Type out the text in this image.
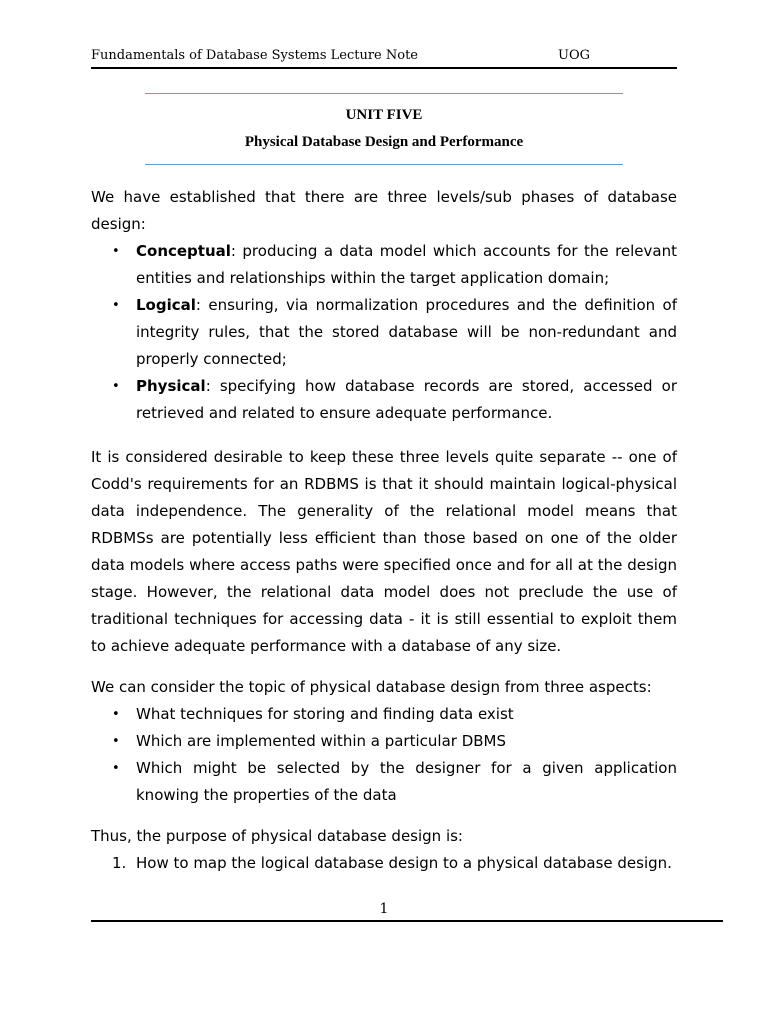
Fundamentals of Database Systems Lecture Note	UOG
UNIT FIVE
Physical Database Design and Performance

We have established that there are three levels/sub phases of database design:

• Conceptual: producing a data model which accounts for the relevant entities and relationships within the target application domain;
• Logical: ensuring, via normalization procedures and the definition of integrity rules, that the stored database will be non-redundant and properly connected;
• Physical: specifying how database records are stored, accessed or retrieved and related to ensure adequate performance.

It is considered desirable to keep these three levels quite separate -- one of Codd's requirements for an RDBMS is that it should maintain logical-physical data independence. The generality of the relational model means that RDBMSs are potentially less efficient than those based on one of the older data models where access paths were specified once and for all at the design stage. However, the relational data model does not preclude the use of traditional techniques for accessing data - it is still essential to exploit them to achieve adequate performance with a database of any size.

We can consider the topic of physical database design from three aspects:

• What techniques for storing and finding data exist
• Which are implemented within a particular DBMS
• Which might be selected by the designer for a given application knowing the properties of the data

Thus, the purpose of physical database design is:

1. How to map the logical database design to a physical database design.
1
